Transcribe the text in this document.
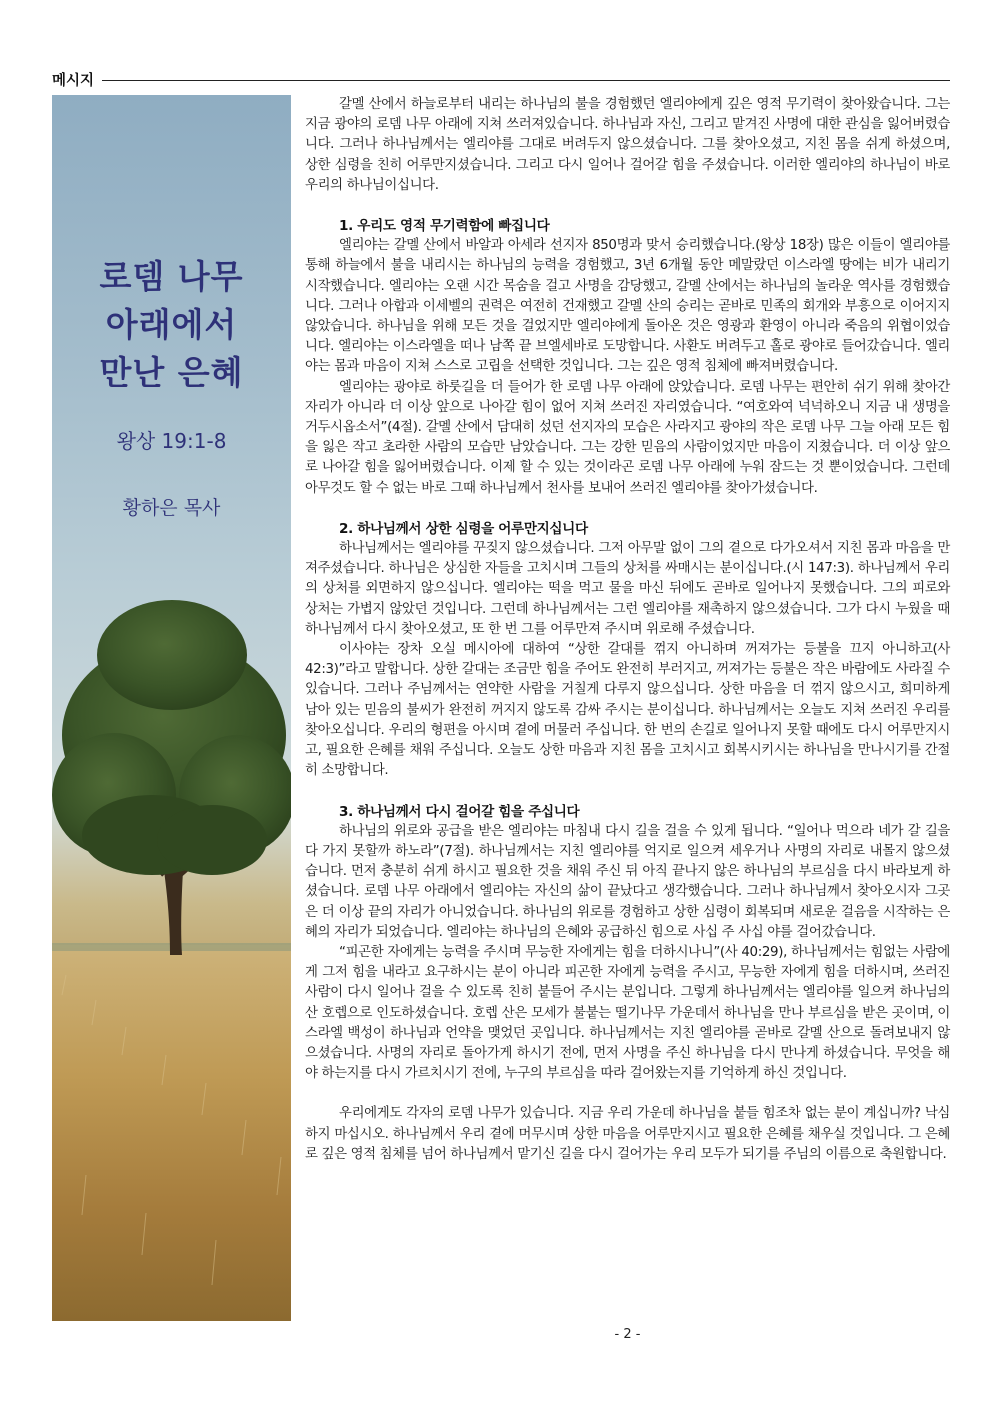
메시지
로뎀 나무
아래에서
만난 은혜
왕상 19:1-8
황하은 목사

갈멜 산에서 하늘로부터 내리는 하나님의 불을 경험했던 엘리야에게 깊은 영적 무기력이 찾아왔습니다. 그는 지금 광야의 로뎀 나무 아래에 지쳐 쓰러져있습니다. 하나님과 자신, 그리고 맡겨진 사명에 대한 관심을 잃어버렸습니다. 그러나 하나님께서는 엘리야를 그대로 버려두지 않으셨습니다. 그를 찾아오셨고, 지친 몸을 쉬게 하셨으며, 상한 심령을 친히 어루만지셨습니다. 그리고 다시 일어나 걸어갈 힘을 주셨습니다. 이러한 엘리야의 하나님이 바로 우리의 하나님이십니다.

1. 우리도 영적 무기력함에 빠집니다

엘리야는 갈멜 산에서 바알과 아세라 선지자 850명과 맞서 승리했습니다.(왕상 18장) 많은 이들이 엘리야를 통해 하늘에서 불을 내리시는 하나님의 능력을 경험했고, 3년 6개월 동안 메말랐던 이스라엘 땅에는 비가 내리기 시작했습니다. 엘리야는 오랜 시간 목숨을 걸고 사명을 감당했고, 갈멜 산에서는 하나님의 놀라운 역사를 경험했습니다. 그러나 아합과 이세벨의 권력은 여전히 건재했고 갈멜 산의 승리는 곧바로 민족의 회개와 부흥으로 이어지지 않았습니다. 하나님을 위해 모든 것을 걸었지만 엘리야에게 돌아온 것은 영광과 환영이 아니라 죽음의 위협이었습니다. 엘리야는 이스라엘을 떠나 남쪽 끝 브엘세바로 도망합니다. 사환도 버려두고 홀로 광야로 들어갔습니다. 엘리야는 몸과 마음이 지쳐 스스로 고립을 선택한 것입니다. 그는 깊은 영적 침체에 빠져버렸습니다.

엘리야는 광야로 하룻길을 더 들어가 한 로뎀 나무 아래에 앉았습니다. 로뎀 나무는 편안히 쉬기 위해 찾아간 자리가 아니라 더 이상 앞으로 나아갈 힘이 없어 지쳐 쓰러진 자리였습니다. “여호와여 넉넉하오니 지금 내 생명을 거두시옵소서”(4절). 갈멜 산에서 담대히 섰던 선지자의 모습은 사라지고 광야의 작은 로뎀 나무 그늘 아래 모든 힘을 잃은 작고 초라한 사람의 모습만 남았습니다. 그는 강한 믿음의 사람이었지만 마음이 지쳤습니다. 더 이상 앞으로 나아갈 힘을 잃어버렸습니다. 이제 할 수 있는 것이라곤 로뎀 나무 아래에 누워 잠드는 것 뿐이었습니다. 그런데 아무것도 할 수 없는 바로 그때 하나님께서 천사를 보내어 쓰러진 엘리야를 찾아가셨습니다.

2. 하나님께서 상한 심령을 어루만지십니다

하나님께서는 엘리야를 꾸짖지 않으셨습니다. 그저 아무말 없이 그의 곁으로 다가오셔서 지친 몸과 마음을 만져주셨습니다. 하나님은 상심한 자들을 고치시며 그들의 상처를 싸매시는 분이십니다.(시 147:3). 하나님께서 우리의 상처를 외면하지 않으십니다. 엘리야는 떡을 먹고 물을 마신 뒤에도 곧바로 일어나지 못했습니다. 그의 피로와 상처는 가볍지 않았던 것입니다. 그런데 하나님께서는 그런 엘리야를 재촉하지 않으셨습니다. 그가 다시 누웠을 때 하나님께서 다시 찾아오셨고, 또 한 번 그를 어루만져 주시며 위로해 주셨습니다.

이사야는 장차 오실 메시아에 대하여 “상한 갈대를 꺾지 아니하며 꺼져가는 등불을 끄지 아니하고(사 42:3)”라고 말합니다. 상한 갈대는 조금만 힘을 주어도 완전히 부러지고, 꺼져가는 등불은 작은 바람에도 사라질 수 있습니다. 그러나 주님께서는 연약한 사람을 거칠게 다루지 않으십니다. 상한 마음을 더 꺾지 않으시고, 희미하게 남아 있는 믿음의 불씨가 완전히 꺼지지 않도록 감싸 주시는 분이십니다. 하나님께서는 오늘도 지쳐 쓰러진 우리를 찾아오십니다. 우리의 형편을 아시며 곁에 머물러 주십니다. 한 번의 손길로 일어나지 못할 때에도 다시 어루만지시고, 필요한 은혜를 채워 주십니다. 오늘도 상한 마음과 지친 몸을 고치시고 회복시키시는 하나님을 만나시기를 간절히 소망합니다.

3. 하나님께서 다시 걸어갈 힘을 주십니다

하나님의 위로와 공급을 받은 엘리야는 마침내 다시 길을 걸을 수 있게 됩니다. “일어나 먹으라 네가 갈 길을 다 가지 못할까 하노라”(7절). 하나님께서는 지친 엘리야를 억지로 일으켜 세우거나 사명의 자리로 내몰지 않으셨습니다. 먼저 충분히 쉬게 하시고 필요한 것을 채워 주신 뒤 아직 끝나지 않은 하나님의 부르심을 다시 바라보게 하셨습니다. 로뎀 나무 아래에서 엘리야는 자신의 삶이 끝났다고 생각했습니다. 그러나 하나님께서 찾아오시자 그곳은 더 이상 끝의 자리가 아니었습니다. 하나님의 위로를 경험하고 상한 심령이 회복되며 새로운 걸음을 시작하는 은혜의 자리가 되었습니다. 엘리야는 하나님의 은혜와 공급하신 힘으로 사십 주 사십 야를 걸어갔습니다.

“피곤한 자에게는 능력을 주시며 무능한 자에게는 힘을 더하시나니”(사 40:29), 하나님께서는 힘없는 사람에게 그저 힘을 내라고 요구하시는 분이 아니라 피곤한 자에게 능력을 주시고, 무능한 자에게 힘을 더하시며, 쓰러진 사람이 다시 일어나 걸을 수 있도록 친히 붙들어 주시는 분입니다. 그렇게 하나님께서는 엘리야를 일으켜 하나님의 산 호렙으로 인도하셨습니다. 호렙 산은 모세가 불붙는 떨기나무 가운데서 하나님을 만나 부르심을 받은 곳이며, 이스라엘 백성이 하나님과 언약을 맺었던 곳입니다. 하나님께서는 지친 엘리야를 곧바로 갈멜 산으로 돌려보내지 않으셨습니다. 사명의 자리로 돌아가게 하시기 전에, 먼저 사명을 주신 하나님을 다시 만나게 하셨습니다. 무엇을 해야 하는지를 다시 가르치시기 전에, 누구의 부르심을 따라 걸어왔는지를 기억하게 하신 것입니다.

우리에게도 각자의 로뎀 나무가 있습니다. 지금 우리 가운데 하나님을 붙들 힘조차 없는 분이 계십니까? 낙심하지 마십시오. 하나님께서 우리 곁에 머무시며 상한 마음을 어루만지시고 필요한 은혜를 채우실 것입니다. 그 은혜로 깊은 영적 침체를 넘어 하나님께서 맡기신 길을 다시 걸어가는 우리 모두가 되기를 주님의 이름으로 축원합니다.

- 2 -
